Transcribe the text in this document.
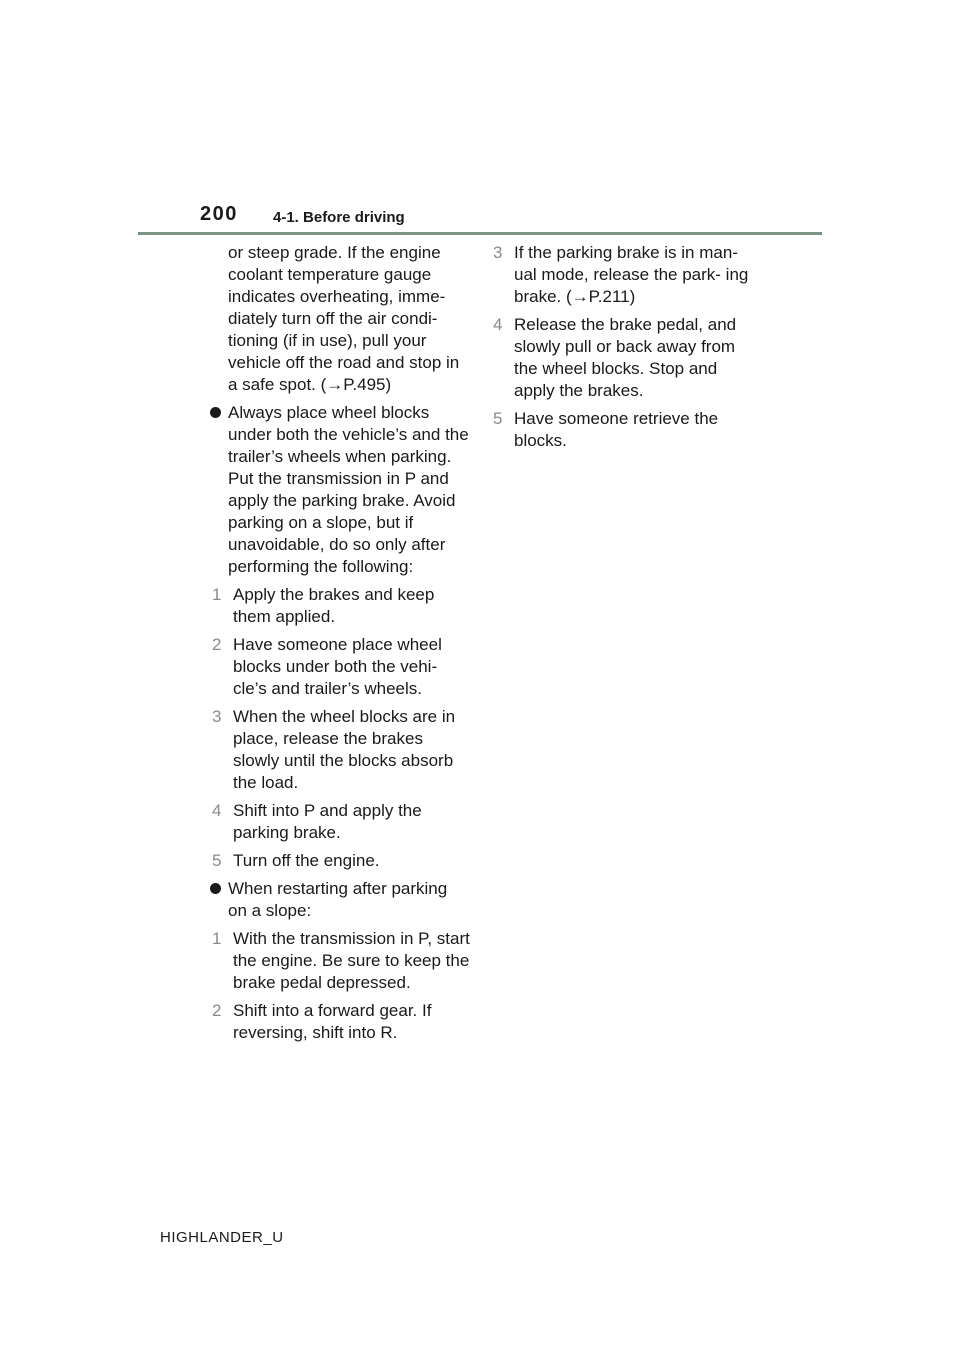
200 4-1. Before driving

or steep grade. If the engine coolant temperature gauge indicates overheating, imme- diately turn off the air condi- tioning (if in use), pull your vehicle off the road and stop in a safe spot. (→P.495)

Always place wheel blocks under both the vehicle’s and the trailer’s wheels when parking. Put the transmission in P and apply the parking brake. Avoid parking on a slope, but if unavoidable, do so only after performing the following:
1 Apply the brakes and keep them applied.
2 Have someone place wheel blocks under both the vehi- cle’s and trailer’s wheels.
3 When the wheel blocks are in place, release the brakes slowly until the blocks absorb the load.
4 Shift into P and apply the parking brake.
5 Turn off the engine.
When restarting after parking on a slope:
1 With the transmission in P, start the engine. Be sure to keep the brake pedal depressed.
2 Shift into a forward gear. If reversing, shift into R.
3 If the parking brake is in man- ual mode, release the park- ing brake. (→P.211)
4 Release the brake pedal, and slowly pull or back away from the wheel blocks. Stop and apply the brakes.
5 Have someone retrieve the blocks.
HIGHLANDER_U
